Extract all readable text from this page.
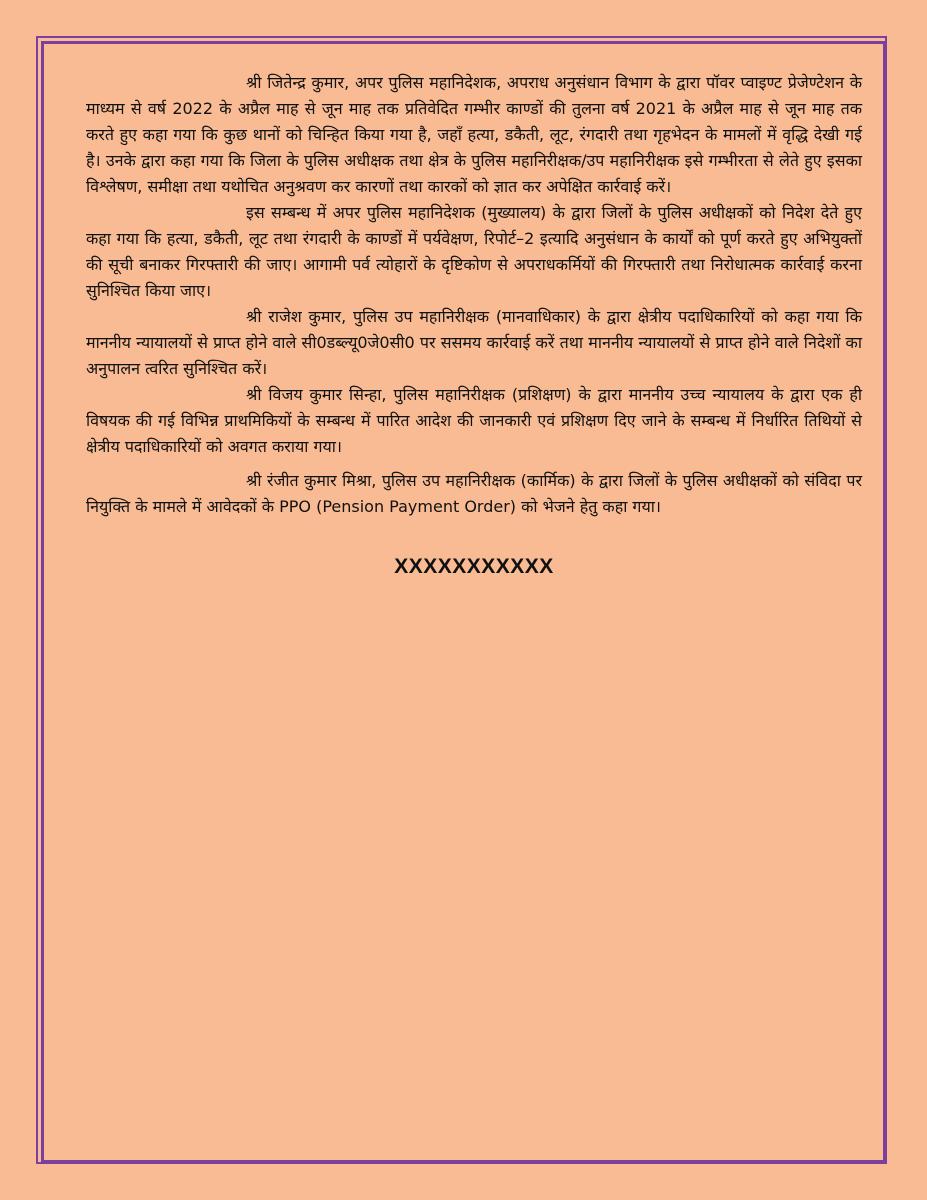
श्री जितेन्द्र कुमार, अपर पुलिस महानिदेशक, अपराध अनुसंधान विभाग के द्वारा पॉवर प्वाइण्ट प्रेजेण्टेशन के माध्यम से वर्ष 2022 के अप्रैल माह से जून माह तक प्रतिवेदित गम्भीर काण्डों की तुलना वर्ष 2021 के अप्रैल माह से जून माह तक करते हुए कहा गया कि कुछ थानों को चिन्हित किया गया है, जहाँ हत्या, डकैती, लूट, रंगदारी तथा गृहभेदन के मामलों में वृद्धि देखी गई है। उनके द्वारा कहा गया कि जिला के पुलिस अधीक्षक तथा क्षेत्र के पुलिस महानिरीक्षक/उप महानिरीक्षक इसे गम्भीरता से लेते हुए इसका विश्लेषण, समीक्षा तथा यथोचित अनुश्रवण कर कारणों तथा कारकों को ज्ञात कर अपेक्षित कार्रवाई करें।

इस सम्बन्ध में अपर पुलिस महानिदेशक (मुख्यालय) के द्वारा जिलों के पुलिस अधीक्षकों को निदेश देते हुए कहा गया कि हत्या, डकैती, लूट तथा रंगदारी के काण्डों में पर्यवेक्षण, रिपोर्ट–2 इत्यादि अनुसंधान के कार्यों को पूर्ण करते हुए अभियुक्तों की सूची बनाकर गिरफ्तारी की जाए। आगामी पर्व त्योहारों के दृष्टिकोण से अपराधकर्मियों की गिरफ्तारी तथा निरोधात्मक कार्रवाई करना सुनिश्चित किया जाए।

श्री राजेश कुमार, पुलिस उप महानिरीक्षक (मानवाधिकार) के द्वारा क्षेत्रीय पदाधिकारियों को कहा गया कि माननीय न्यायालयों से प्राप्त होने वाले सी0डब्ल्यू0जे0सी0 पर ससमय कार्रवाई करें तथा माननीय न्यायालयों से प्राप्त होने वाले निदेशों का अनुपालन त्वरित सुनिश्चित करें।

श्री विजय कुमार सिन्हा, पुलिस महानिरीक्षक (प्रशिक्षण) के द्वारा माननीय उच्च न्यायालय के द्वारा एक ही विषयक की गई विभिन्न प्राथमिकियों के सम्बन्ध में पारित आदेश की जानकारी एवं प्रशिक्षण दिए जाने के सम्बन्ध में निर्धारित तिथियों से क्षेत्रीय पदाधिकारियों को अवगत कराया गया।

श्री रंजीत कुमार मिश्रा, पुलिस उप महानिरीक्षक (कार्मिक) के द्वारा जिलों के पुलिस अधीक्षकों को संविदा पर नियुक्ति के मामले में आवेदकों के PPO (Pension Payment Order) को भेजने हेतु कहा गया।

XXXXXXXXXXX
